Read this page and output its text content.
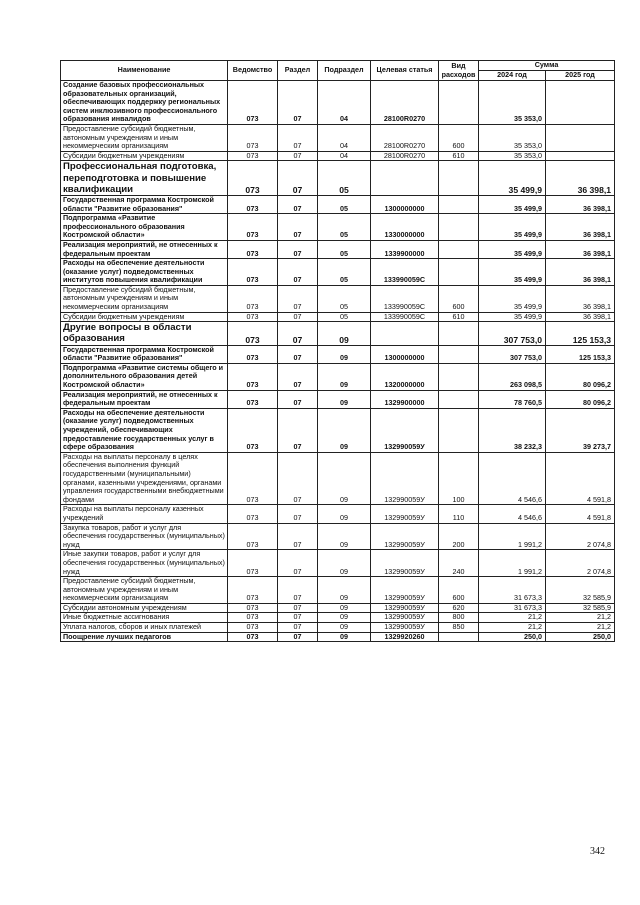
Наименование	Ведомство	Раздел	Подраздел	Целевая статья	Вид расходов	Сумма	
						2024 год	2025 год
Создание базовых профессиональных образовательных организаций, обеспечивающих поддержку региональных систем инклюзивного профессионального образования инвалидов	073	07	04	28100R0270		35 353,0	
Предоставление субсидий бюджетным, автономным учреждениям и иным некоммерческим организациям	073	07	04	28100R0270	600	35 353,0	
Субсидии бюджетным учреждениям	073	07	04	28100R0270	610	35 353,0	
Профессиональная подготовка, переподготовка и повышение квалификации	073	07	05			35 499,9	36 398,1
Государственная программа Костромской области "Развитие образования"	073	07	05	1300000000		35 499,9	36 398,1
Подпрограмма «Развитие профессионального образования Костромской области»	073	07	05	1330000000		35 499,9	36 398,1
Реализация мероприятий, не отнесенных к федеральным проектам	073	07	05	1339900000		35 499,9	36 398,1
Расходы на обеспечение деятельности (оказание услуг) подведомственных институтов повышения квалификации	073	07	05	133990059С		35 499,9	36 398,1
Предоставление субсидий бюджетным, автономным учреждениям и иным некоммерческим организациям	073	07	05	133990059С	600	35 499,9	36 398,1
Субсидии бюджетным учреждениям	073	07	05	133990059С	610	35 499,9	36 398,1
Другие вопросы в области образования	073	07	09			307 753,0	125 153,3
Государственная программа Костромской области "Развитие образования"	073	07	09	1300000000		307 753,0	125 153,3
Подпрограмма «Развитие системы общего и дополнительного образования детей Костромской области»	073	07	09	1320000000		263 098,5	80 096,2
Реализация мероприятий, не отнесенных к федеральным проектам	073	07	09	1329900000		78 760,5	80 096,2
Расходы на обеспечение деятельности (оказание услуг) подведомственных учреждений, обеспечивающих предоставление государственных услуг в сфере образования	073	07	09	132990059У		38 232,3	39 273,7
Расходы на выплаты персоналу в целях обеспечения выполнения функций государственными (муниципальными) органами, казенными учреждениями, органами управления государственными внебюджетными фондами	073	07	09	132990059У	100	4 546,6	4 591,8
Расходы на выплаты персоналу казенных учреждений	073	07	09	132990059У	110	4 546,6	4 591,8
Закупка товаров, работ и услуг для обеспечения государственных (муниципальных) нужд	073	07	09	132990059У	200	1 991,2	2 074,8
Иные закупки товаров, работ и услуг для обеспечения государственных (муниципальных) нужд	073	07	09	132990059У	240	1 991,2	2 074,8
Предоставление субсидий бюджетным, автономным учреждениям и иным некоммерческим организациям	073	07	09	132990059У	600	31 673,3	32 585,9
Субсидии автономным учреждениям	073	07	09	132990059У	620	31 673,3	32 585,9
Иные бюджетные ассигнования	073	07	09	132990059У	800	21,2	21,2
Уплата налогов, сборов и иных платежей	073	07	09	132990059У	850	21,2	21,2
Поощрение лучших педагогов	073	07	09	1329920260		250,0	250,0
342
